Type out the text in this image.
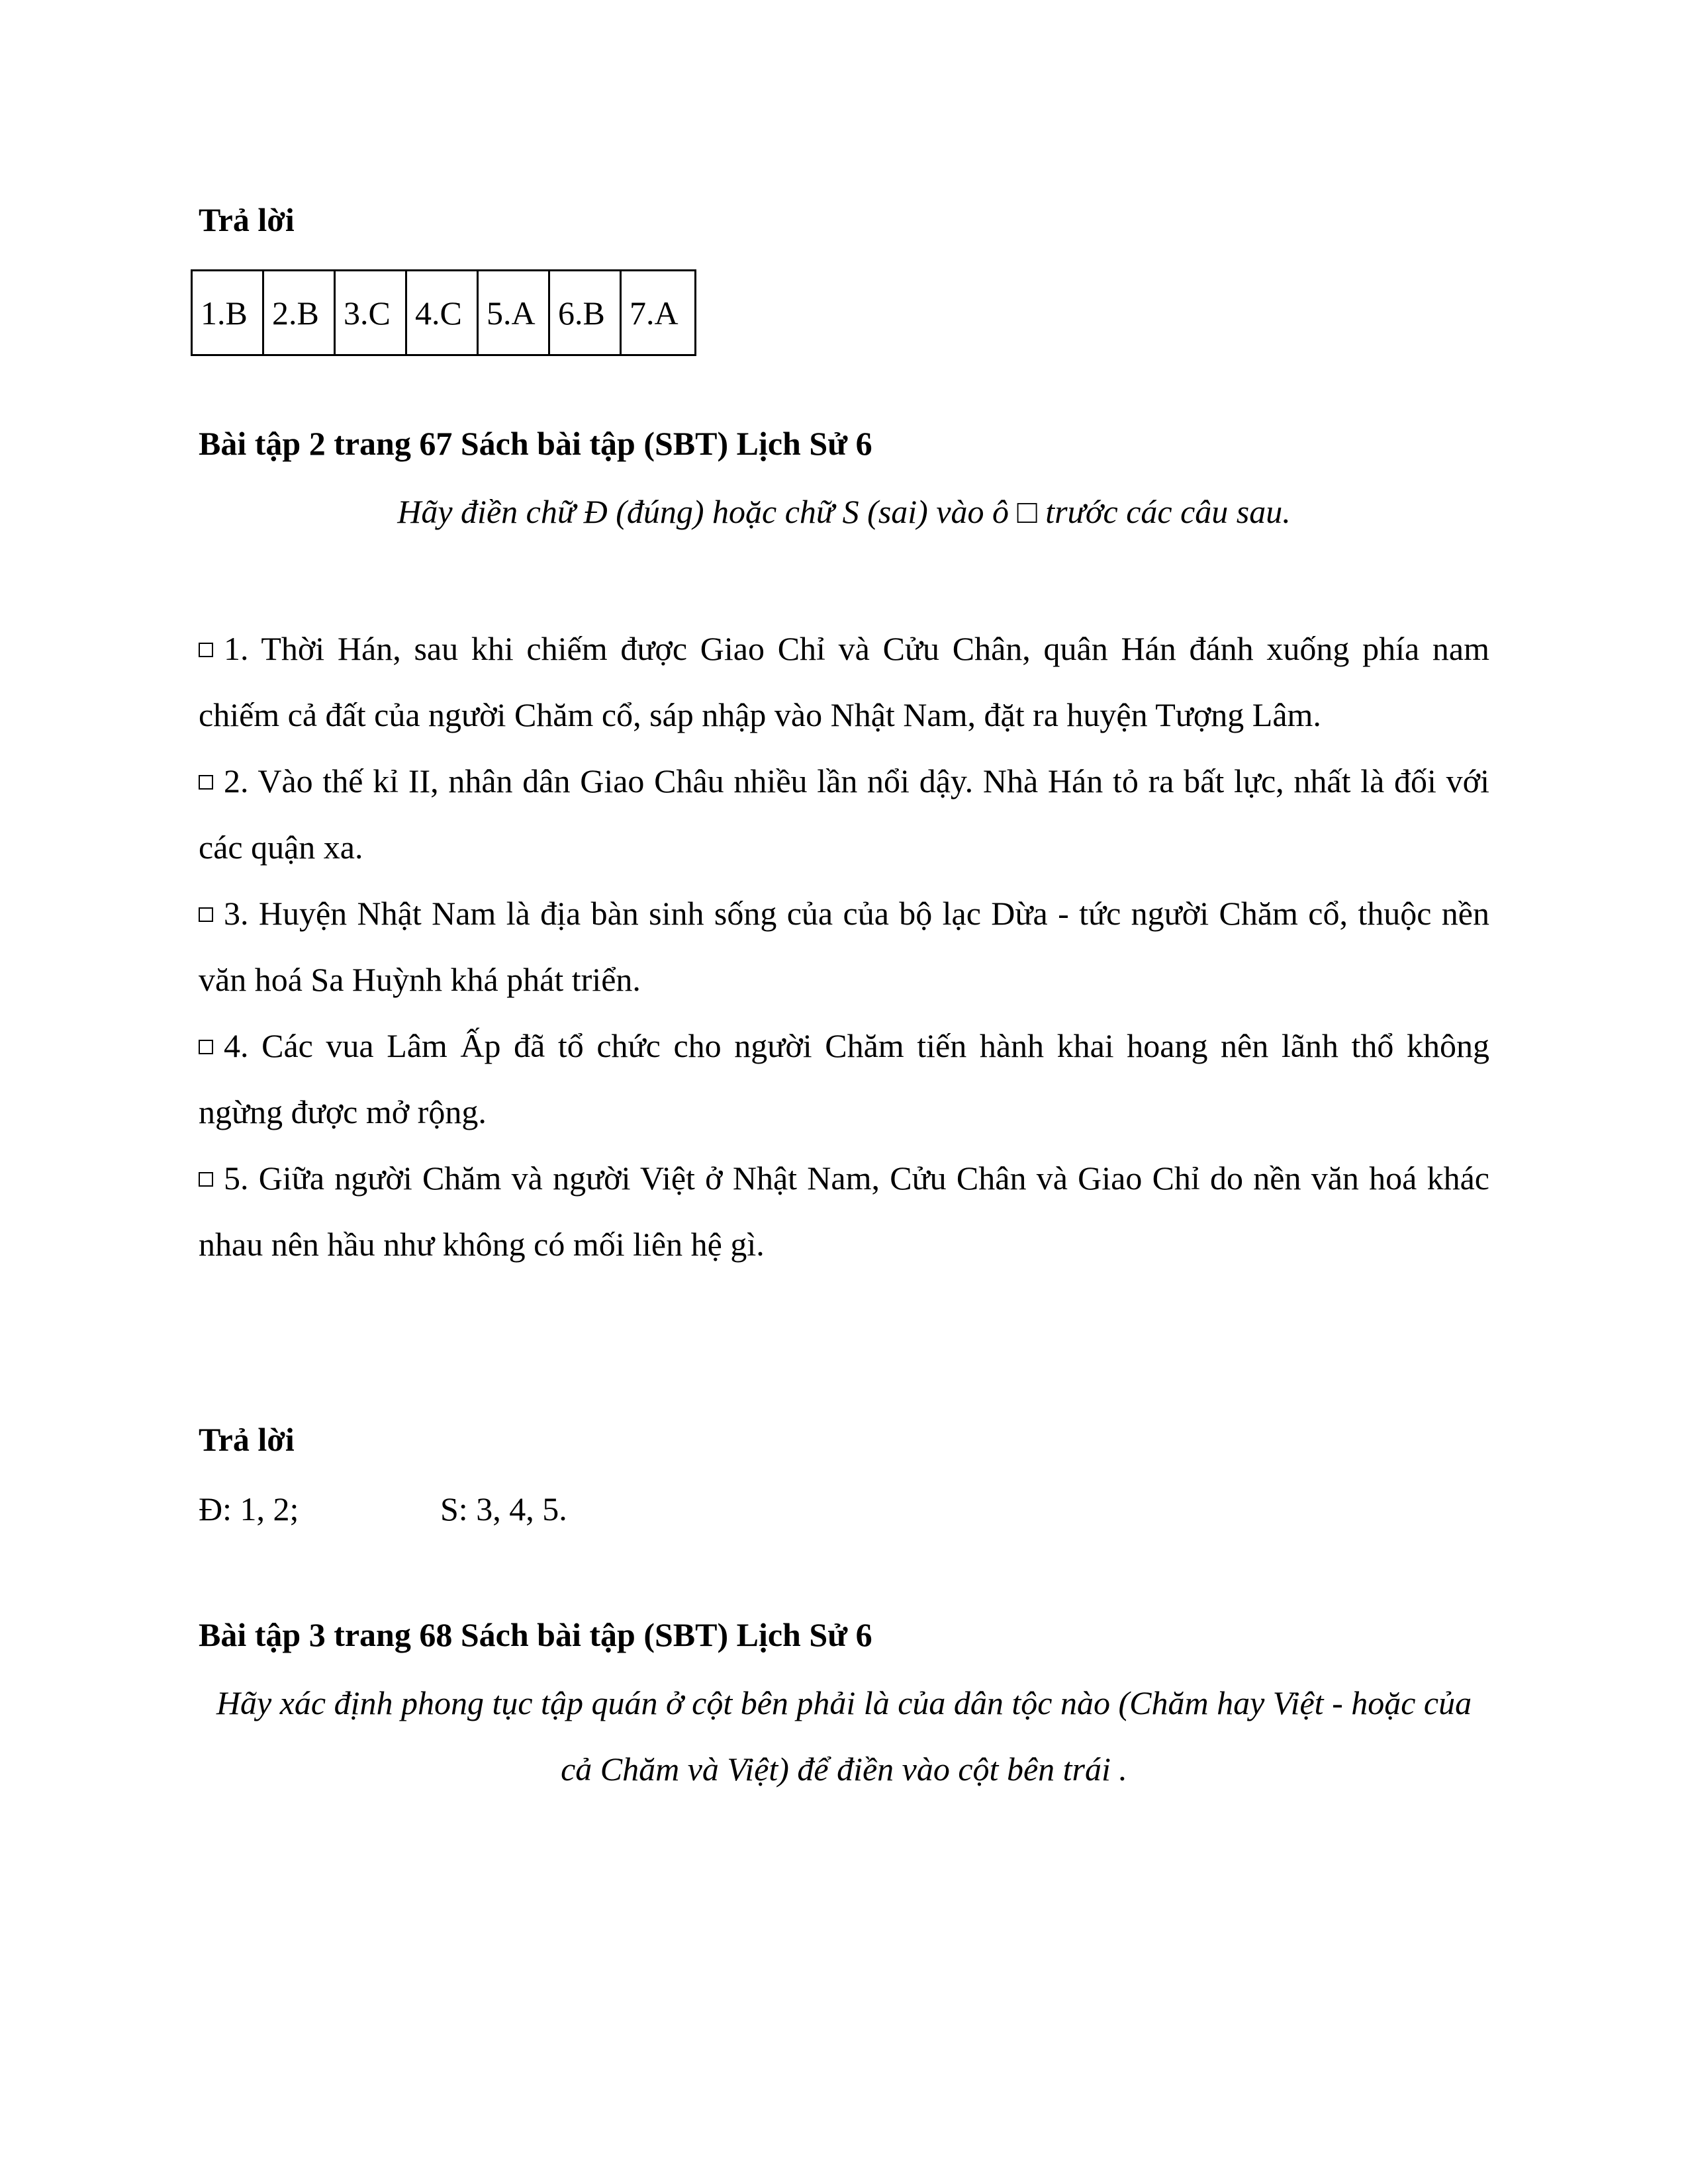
Trả lời
1.B	2.B	3.C	4.C	5.A	6.B	7.A
Bài tập 2 trang 67 Sách bài tập (SBT) Lịch Sử 6
Hãy điền chữ Đ (đúng) hoặc chữ S (sai) vào ô □ trước các câu sau.
1. Thời Hán, sau khi chiếm được Giao Chỉ và Cửu Chân, quân Hán đánh xuống phía nam chiếm cả đất của người Chăm cổ, sáp nhập vào Nhật Nam, đặt ra huyện Tượng Lâm.
2. Vào thế kỉ II, nhân dân Giao Châu nhiều lần nổi dậy. Nhà Hán tỏ ra bất lực, nhất là đối với các quận xa.
3. Huyện Nhật Nam là địa bàn sinh sống của của bộ lạc Dừa - tức người Chăm cổ, thuộc nền văn hoá Sa Huỳnh khá phát triển.
4. Các vua Lâm Ấp đã tổ chức cho người Chăm tiến hành khai hoang nên lãnh thổ không ngừng được mở rộng.
5. Giữa người Chăm và người Việt ở Nhật Nam, Cửu Chân và Giao Chỉ do nền văn hoá khác nhau nên hầu như không có mối liên hệ gì.
Trả lời
Đ: 1, 2;	S: 3, 4, 5.
Bài tập 3 trang 68 Sách bài tập (SBT) Lịch Sử 6
Hãy xác định phong tục tập quán ở cột bên phải là của dân tộc nào (Chăm hay Việt - hoặc của cả Chăm và Việt) để điền vào cột bên trái .
